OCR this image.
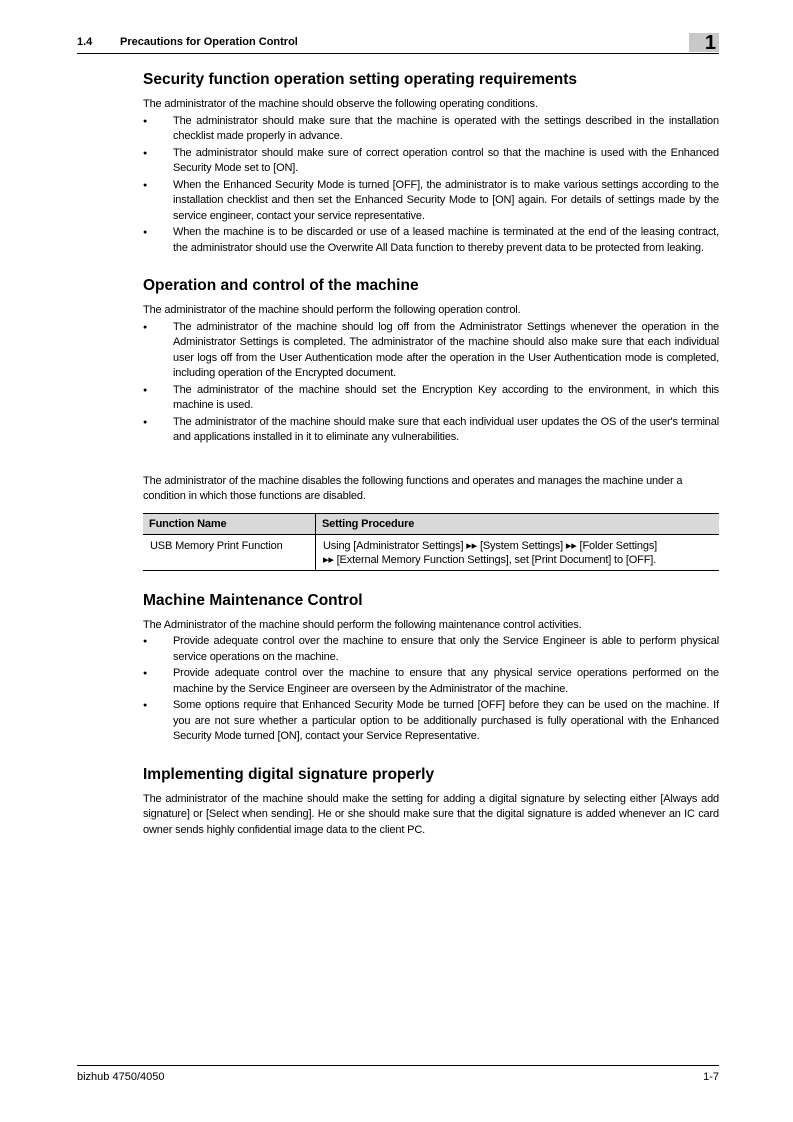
1.4	Precautions for Operation Control	1
Security function operation setting operating requirements

The administrator of the machine should observe the following operating conditions.

● The administrator should make sure that the machine is operated with the settings described in the installation checklist made properly in advance.
● The administrator should make sure of correct operation control so that the machine is used with the Enhanced Security Mode set to [ON].
● When the Enhanced Security Mode is turned [OFF], the administrator is to make various settings according to the installation checklist and then set the Enhanced Security Mode to [ON] again. For details of settings made by the service engineer, contact your service representative.
● When the machine is to be discarded or use of a leased machine is terminated at the end of the leasing contract, the administrator should use the Overwrite All Data function to thereby prevent data to be protected from leaking.
Operation and control of the machine

The administrator of the machine should perform the following operation control.

● The administrator of the machine should log off from the Administrator Settings whenever the operation in the Administrator Settings is completed. The administrator of the machine should also make sure that each individual user logs off from the User Authentication mode after the operation in the User Authentication mode is completed, including operation of the Encrypted document.
● The administrator of the machine should set the Encryption Key according to the environment, in which this machine is used.
● The administrator of the machine should make sure that each individual user updates the OS of the user's terminal and applications installed in it to eliminate any vulnerabilities.

The administrator of the machine disables the following functions and operates and manages the machine under a condition in which those functions are disabled.

Function Name	Setting Procedure
USB Memory Print Function	Using [Administrator Settings] ▸▸ [System Settings] ▸▸ [Folder Settings]
▸▸ [External Memory Function Settings], set [Print Document] to [OFF].
Machine Maintenance Control

The Administrator of the machine should perform the following maintenance control activities.

● Provide adequate control over the machine to ensure that only the Service Engineer is able to perform physical service operations on the machine.
● Provide adequate control over the machine to ensure that any physical service operations performed on the machine by the Service Engineer are overseen by the Administrator of the machine.
● Some options require that Enhanced Security Mode be turned [OFF] before they can be used on the machine. If you are not sure whether a particular option to be additionally purchased is fully operational with the Enhanced Security Mode turned [ON], contact your Service Representative.
Implementing digital signature properly

The administrator of the machine should make the setting for adding a digital signature by selecting either [Always add signature] or [Select when sending]. He or she should make sure that the digital signature is added whenever an IC card owner sends highly confidential image data to the client PC.

bizhub 4750/4050	1-7
